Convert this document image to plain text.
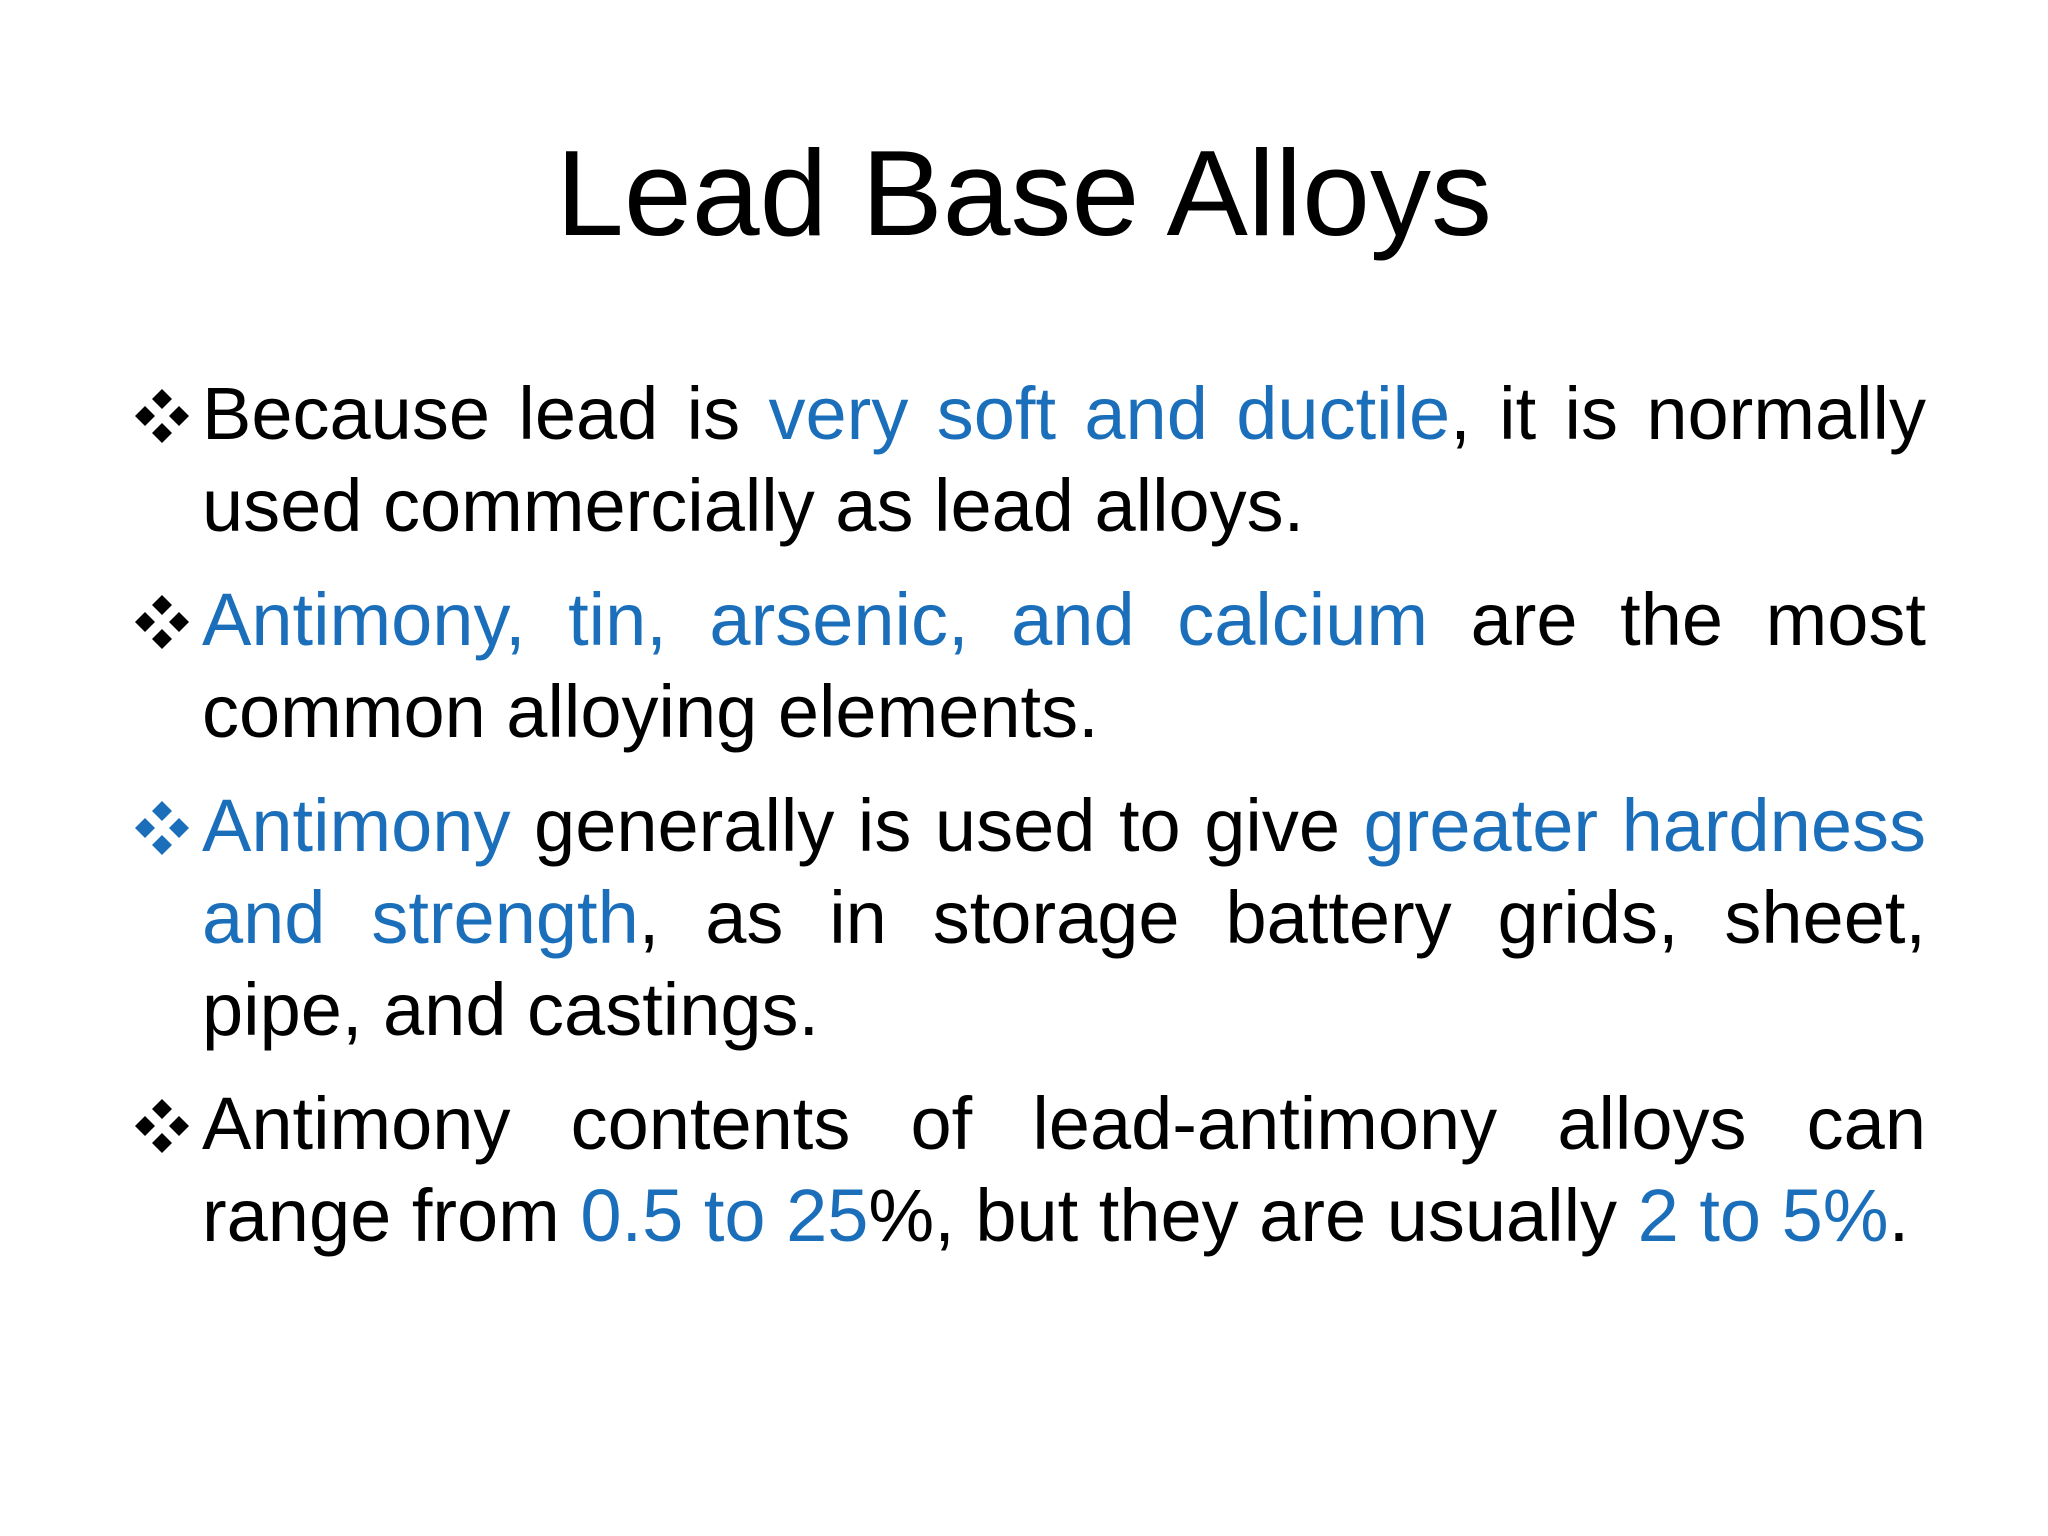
Lead Base Alloys
Because lead is very soft and ductile, it is normally used commercially as lead alloys.
Antimony, tin, arsenic, and calcium are the most common alloying elements.
Antimony generally is used to give greater hardness and strength, as in storage battery grids, sheet, pipe, and castings.
Antimony contents of lead-antimony alloys can range from 0.5 to 25%, but they are usually 2 to 5%.
